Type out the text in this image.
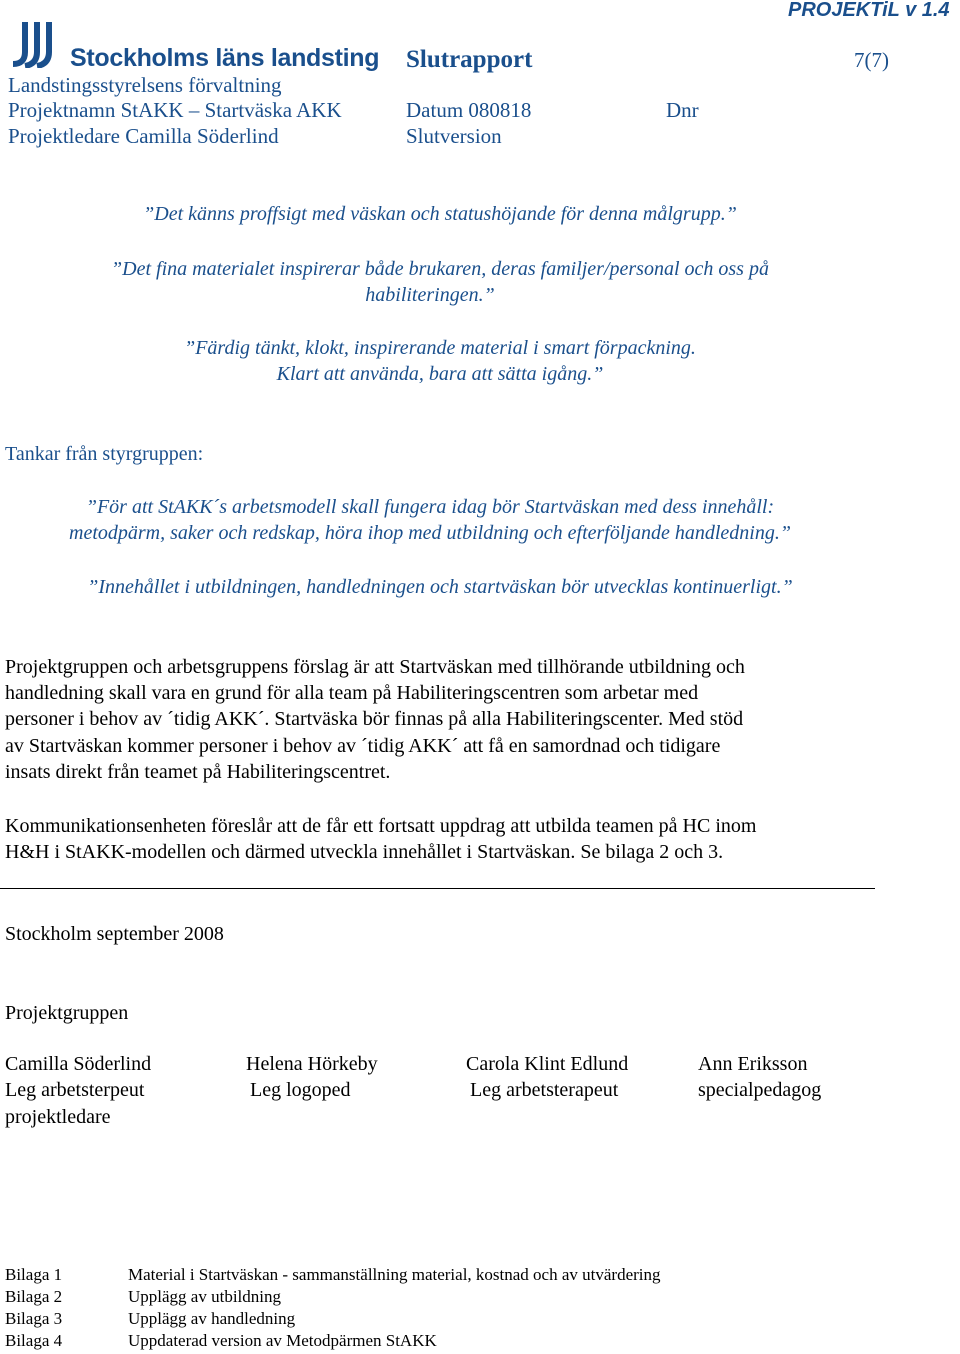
Stockholms läns landsting
Landstingsstyrelsens förvaltning
Projektnamn StAKK – Startväska AKK
Projektledare Camilla Söderlind
Slutrapport
Datum 080818
Slutversion
Dnr
7(7)
PROJEKTiL v 1.4
”Det känns proffsigt med väskan och statushöjande för denna målgrupp.”
”Det fina materialet inspirerar både brukaren, deras familjer/personal och oss på
habiliteringen.”
”Färdig tänkt, klokt, inspirerande material i smart förpackning.
Klart att använda, bara att sätta igång.”
Tankar från styrgruppen:
”För att StAKK´s arbetsmodell skall fungera idag bör Startväskan med dess innehåll:
metodpärm, saker och redskap, höra ihop med utbildning och efterföljande handledning.”
”Innehållet i utbildningen, handledningen och startväskan bör utvecklas kontinuerligt.”
Projektgruppen och arbetsgruppens förslag är att Startväskan med tillhörande utbildning och
handledning skall vara en grund för alla team på Habiliteringscentren som arbetar med
personer i behov av ´tidig AKK´. Startväska bör finnas på alla Habiliteringscenter. Med stöd
av Startväskan kommer personer i behov av ´tidig AKK´ att få en samordnad och tidigare
insats direkt från teamet på Habiliteringscentret.
Kommunikationsenheten föreslår att de får ett fortsatt uppdrag att utbilda teamen på HC inom
H&H i StAKK-modellen och därmed utveckla innehållet i Startväskan. Se bilaga 2 och 3.
Stockholm september 2008
Projektgruppen
Camilla Söderlind
Leg arbetsterpeut
projektledare
Helena Hörkeby
Leg logoped
Carola Klint Edlund
Leg arbetsterapeut
Ann Eriksson
specialpedagog
Bilaga 1	Material i Startväskan - sammanställning material, kostnad och av utvärdering
Bilaga 2	Upplägg av utbildning
Bilaga 3	Upplägg av handledning
Bilaga 4	Uppdaterad version av Metodpärmen StAKK
